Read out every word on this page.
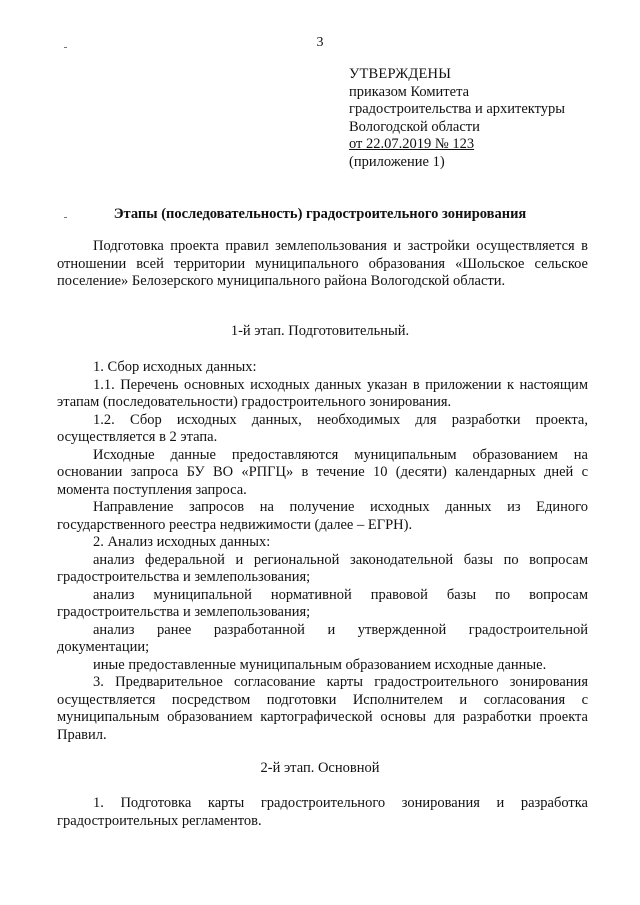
3
УТВЕРЖДЕНЫ
приказом Комитета
градостроительства и архитектуры
Вологодской области
от 22.07.2019 № 123
(приложение 1)
Этапы (последовательность) градостроительного зонирования

Подготовка проекта правил землепользования и застройки осуществляется в отношении всей территории муниципального образования «Шольское сельское поселение» Белозерского муниципального района Вологодской области.

1-й этап. Подготовительный.

1. Сбор исходных данных:

1.1. Перечень основных исходных данных указан в приложении к настоящим этапам (последовательности) градостроительного зонирования.

1.2. Сбор исходных данных, необходимых для разработки проекта, осуществляется в 2 этапа.

Исходные данные предоставляются муниципальным образованием на основании запроса БУ ВО «РПГЦ» в течение 10 (десяти) календарных дней с момента поступления запроса.

Направление запросов на получение исходных данных из Единого государственного реестра недвижимости (далее – ЕГРН).

2. Анализ исходных данных:

анализ федеральной и региональной законодательной базы по вопросам градостроительства и землепользования;

анализ муниципальной нормативной правовой базы по вопросам градостроительства и землепользования;

анализ ранее разработанной и утвержденной градостроительной документации;

иные предоставленные муниципальным образованием исходные данные.

3. Предварительное согласование карты градостроительного зонирования осуществляется посредством подготовки Исполнителем и согласования с муниципальным образованием картографической основы для разработки проекта Правил.

2-й этап. Основной

1. Подготовка карты градостроительного зонирования и разработка градостроительных регламентов.
